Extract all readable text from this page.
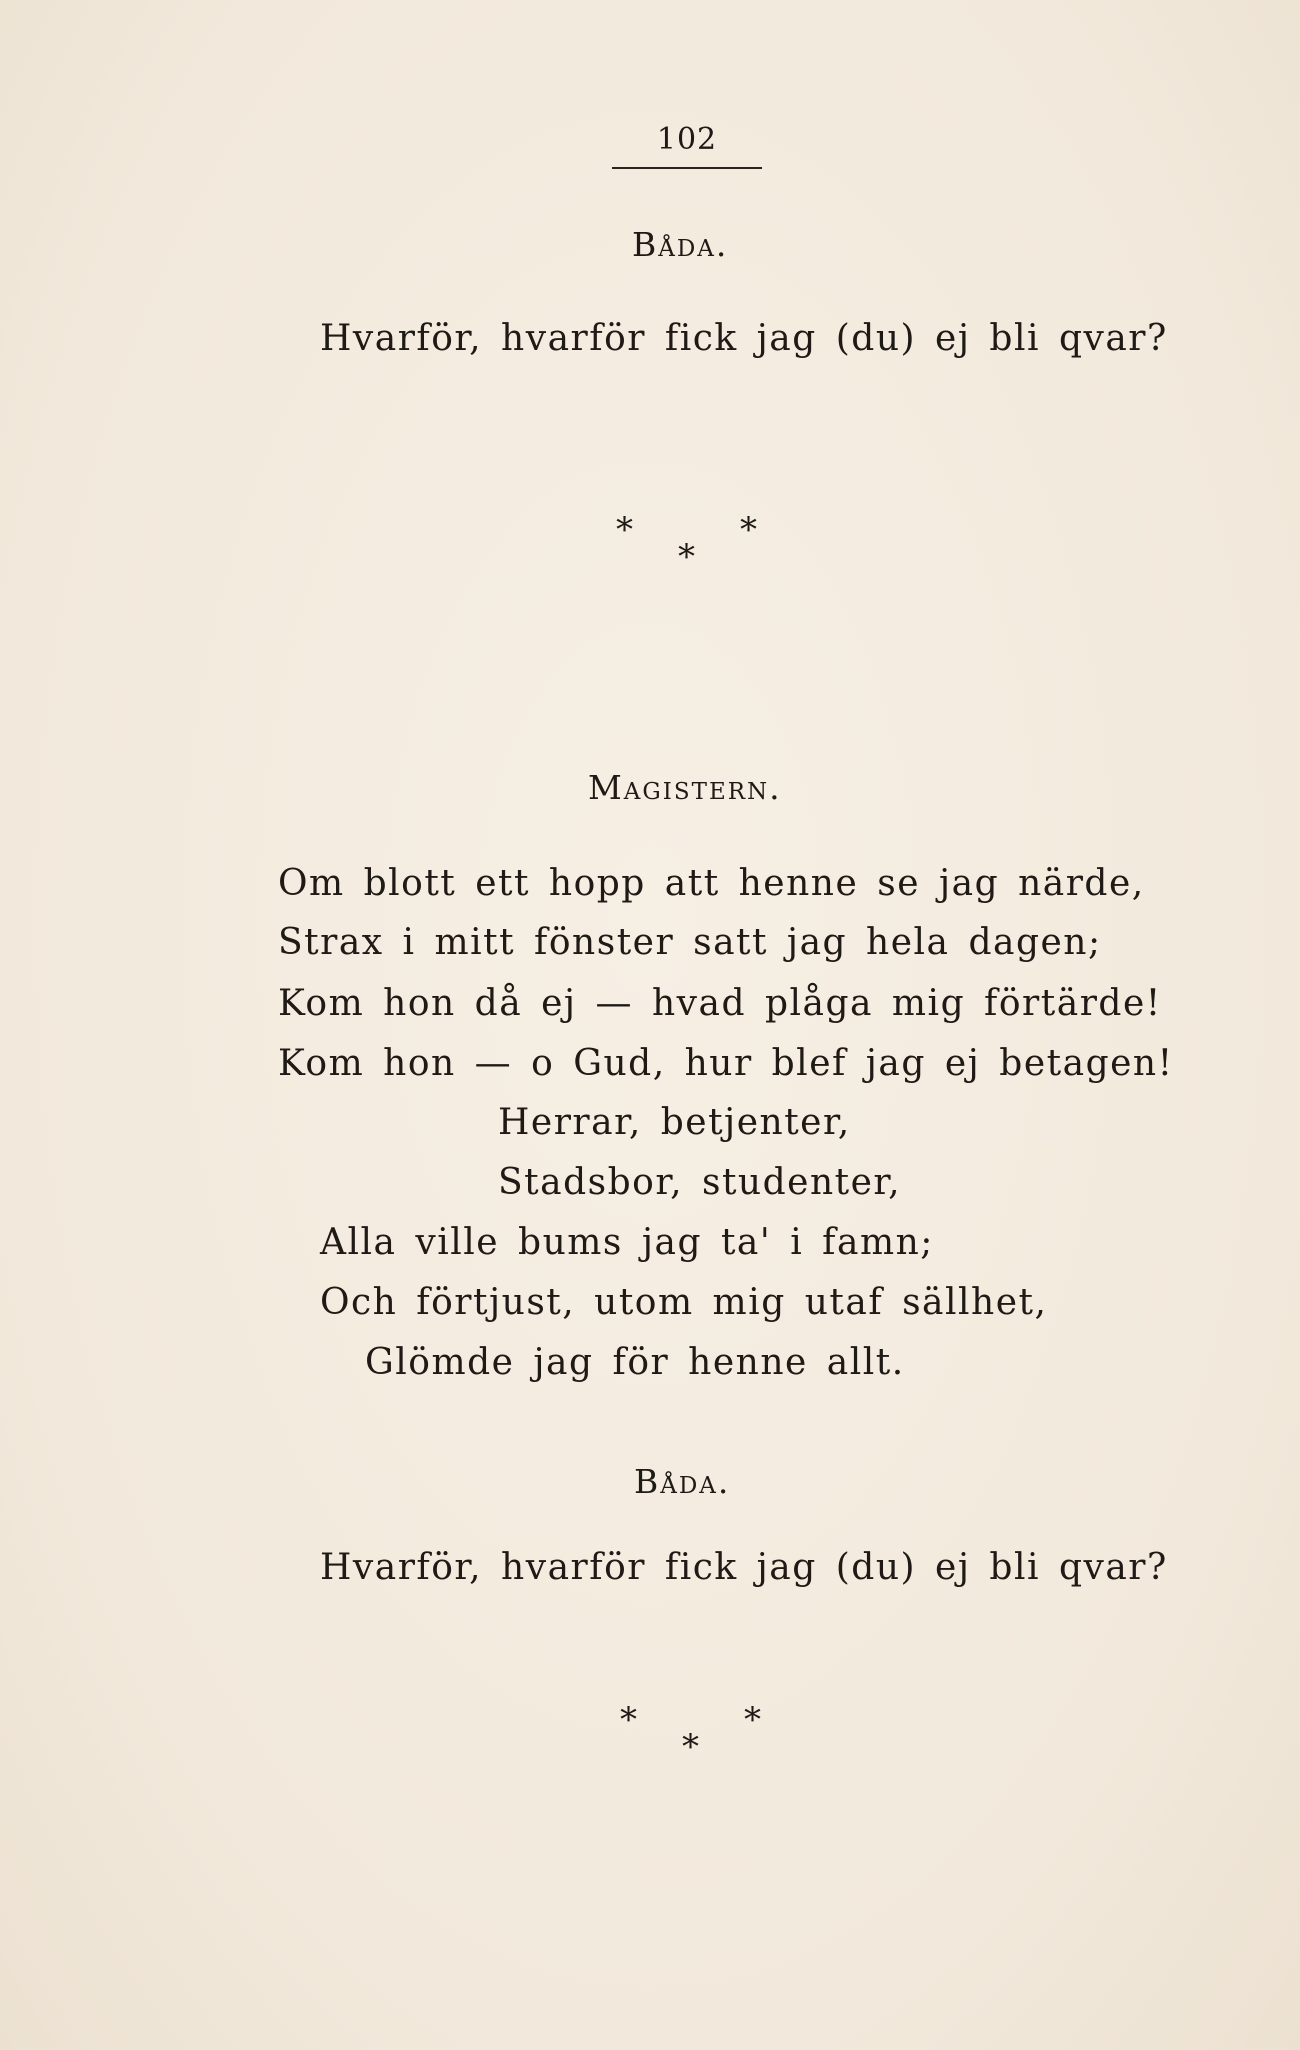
102
Båda.
Hvarför, hvarför fick jag (du) ej bli qvar?
*	*
*
Magistern.
Om blott ett hopp att henne se jag närde,
Strax i mitt fönster satt jag hela dagen;
Kom hon då ej — hvad plåga mig förtärde!
Kom hon — o Gud, hur blef jag ej betagen!
Herrar, betjenter,
Stadsbor, studenter,
Alla ville bums jag ta' i famn;
Och förtjust, utom mig utaf sällhet,
Glömde jag för henne allt.
Båda.
Hvarför, hvarför fick jag (du) ej bli qvar?
*	*
*
